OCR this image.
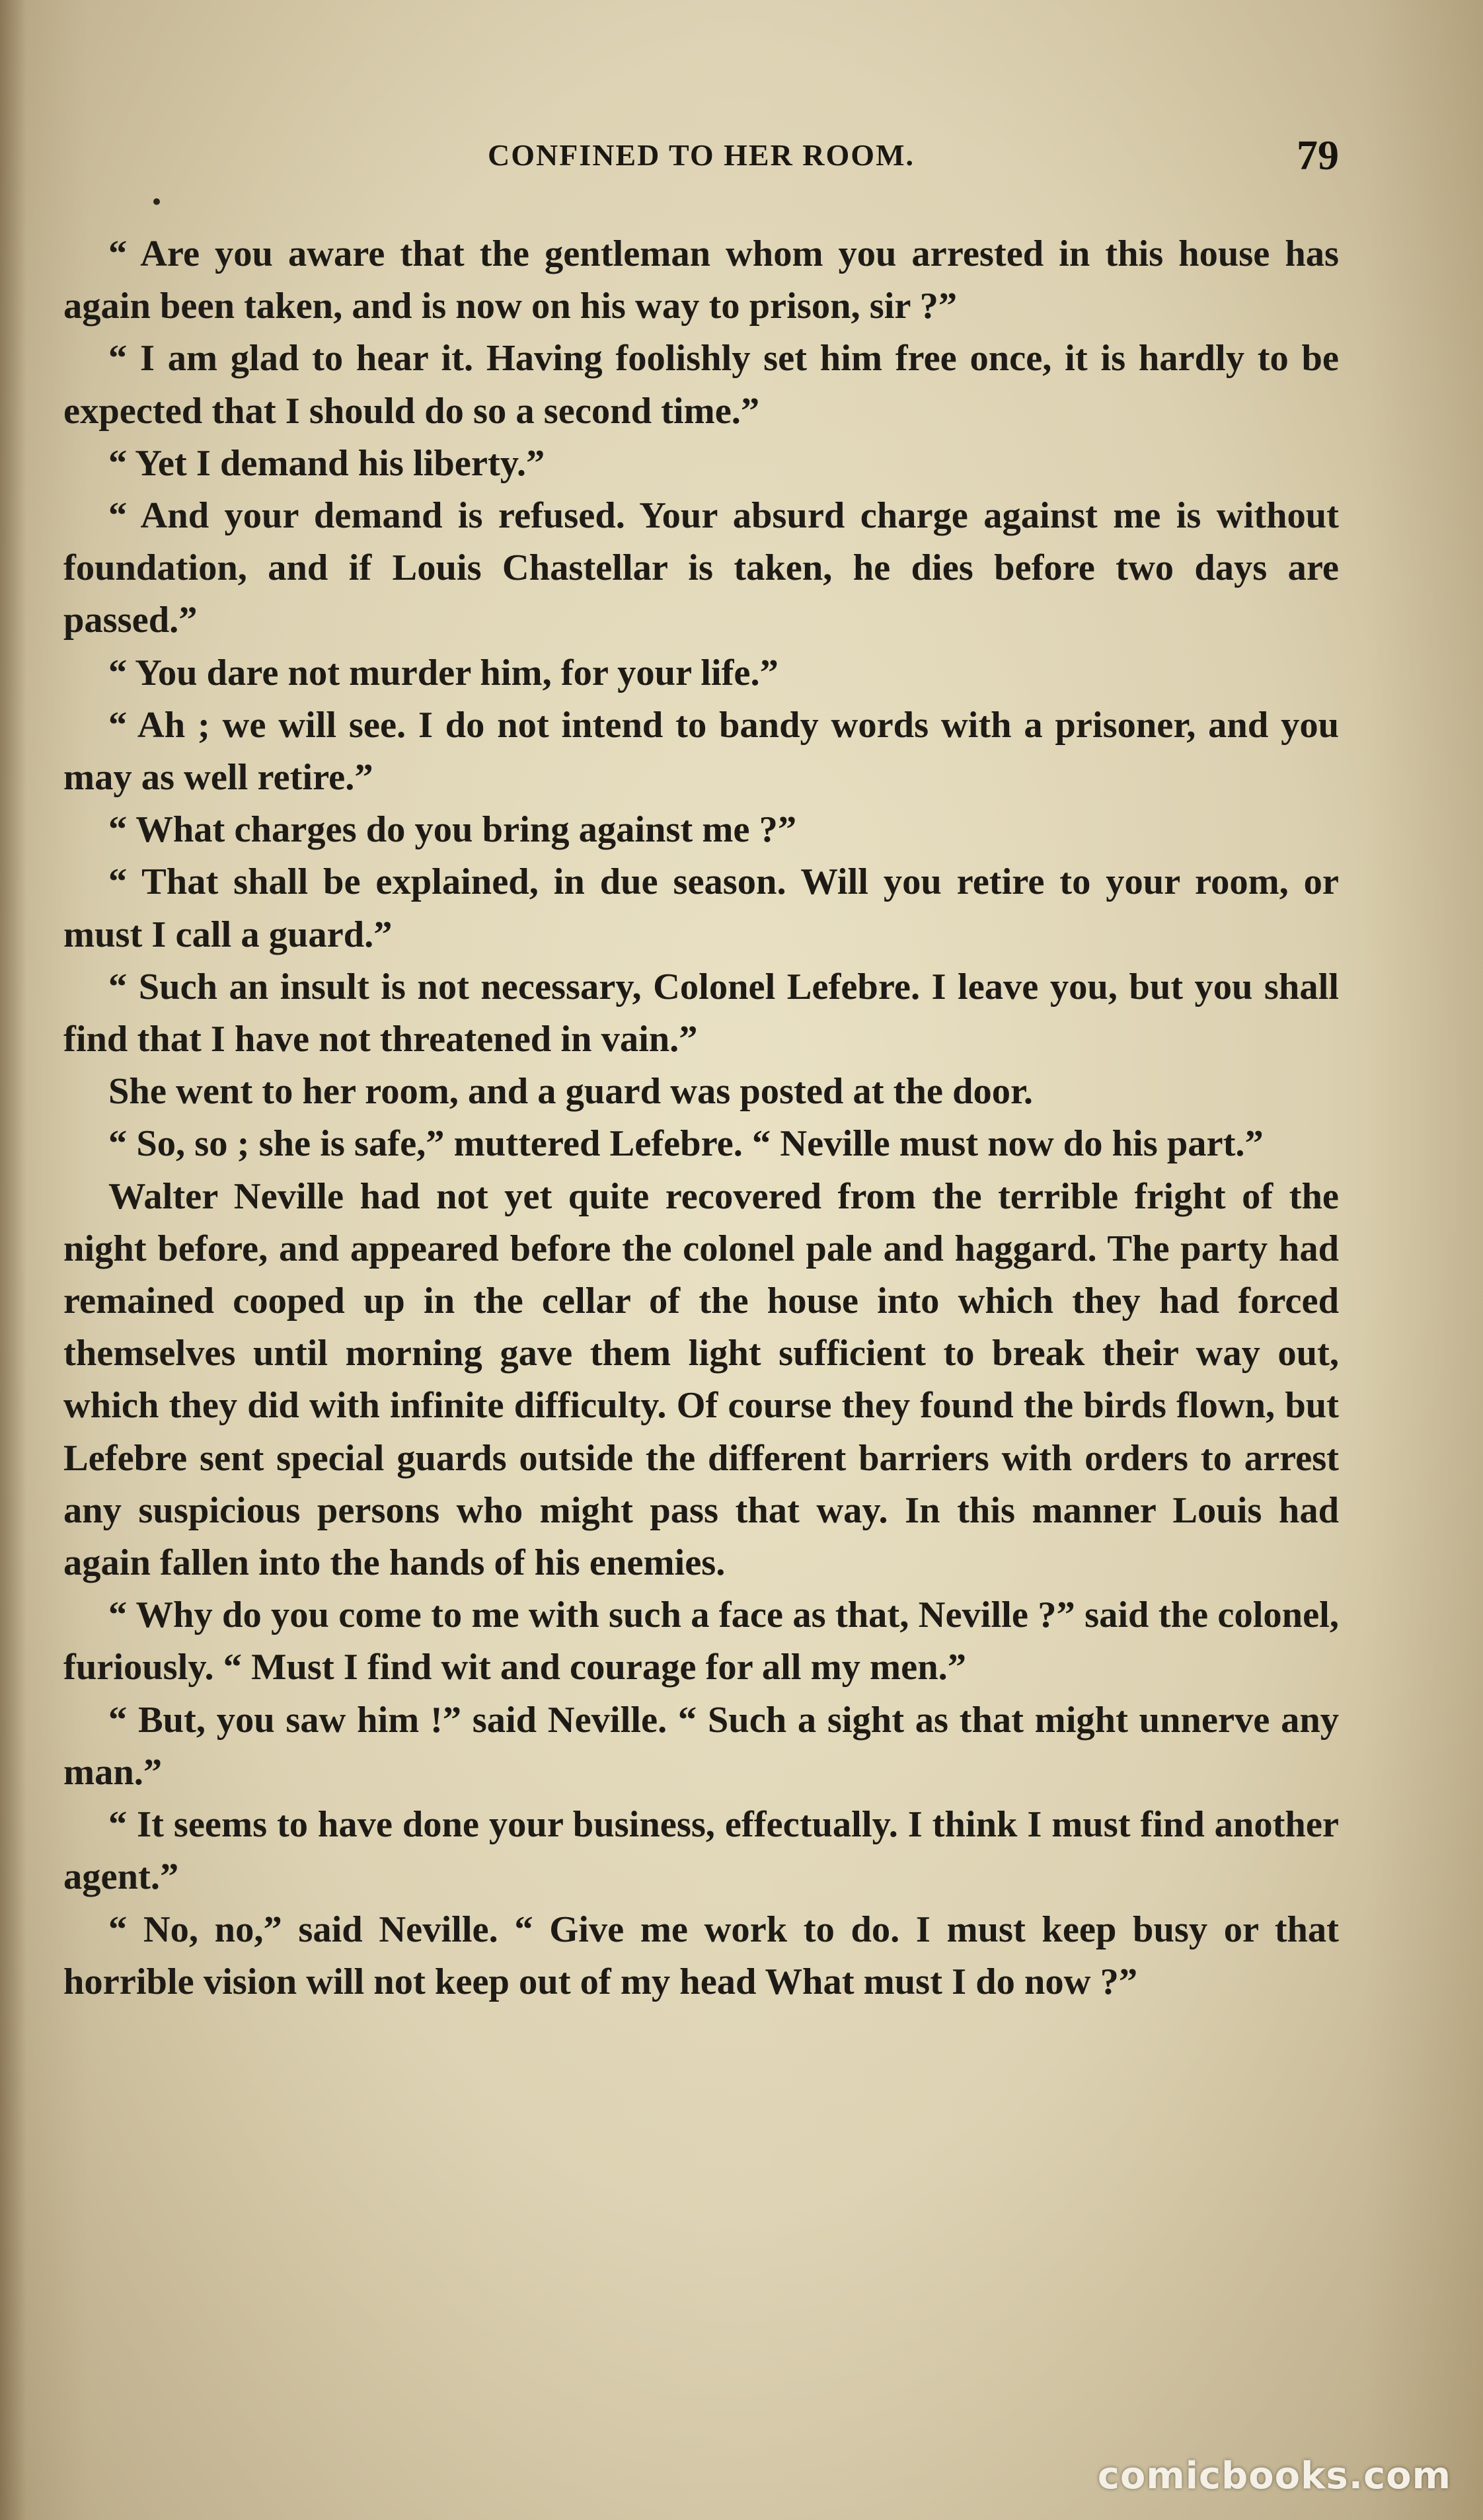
CONFINED TO HER ROOM.	79

“ Are you aware that the gentleman whom you arrested in this house has again been taken, and is now on his way to prison, sir ?”

“ I am glad to hear it. Having foolishly set him free once, it is hardly to be expected that I should do so a second time.”

“ Yet I demand his liberty.”

“ And your demand is refused. Your absurd charge against me is without foundation, and if Louis Chastellar is taken, he dies before two days are passed.”

“ You dare not murder him, for your life.”

“ Ah ; we will see. I do not intend to bandy words with a prisoner, and you may as well retire.”

“ What charges do you bring against me ?”

“ That shall be explained, in due season. Will you retire to your room, or must I call a guard.”

“ Such an insult is not necessary, Colonel Lefebre. I leave you, but you shall find that I have not threatened in vain.”

She went to her room, and a guard was posted at the door.

“ So, so ; she is safe,” muttered Lefebre. “ Neville must now do his part.”

Walter Neville had not yet quite recovered from the terrible fright of the night before, and appeared before the colonel pale and haggard. The party had remained cooped up in the cellar of the house into which they had forced themselves until morning gave them light sufficient to break their way out, which they did with infinite difficulty. Of course they found the birds flown, but Lefebre sent special guards outside the different barriers with orders to arrest any suspicious persons who might pass that way. In this manner Louis had again fallen into the hands of his enemies.

“ Why do you come to me with such a face as that, Neville ?” said the colonel, furiously. “ Must I find wit and courage for all my men.”

“ But, you saw him !” said Neville. “ Such a sight as that might unnerve any man.”

“ It seems to have done your business, effectually. I think I must find another agent.”

“ No, no,” said Neville. “ Give me work to do. I must keep busy or that horrible vision will not keep out of my head What must I do now ?”

comicbooks.com
